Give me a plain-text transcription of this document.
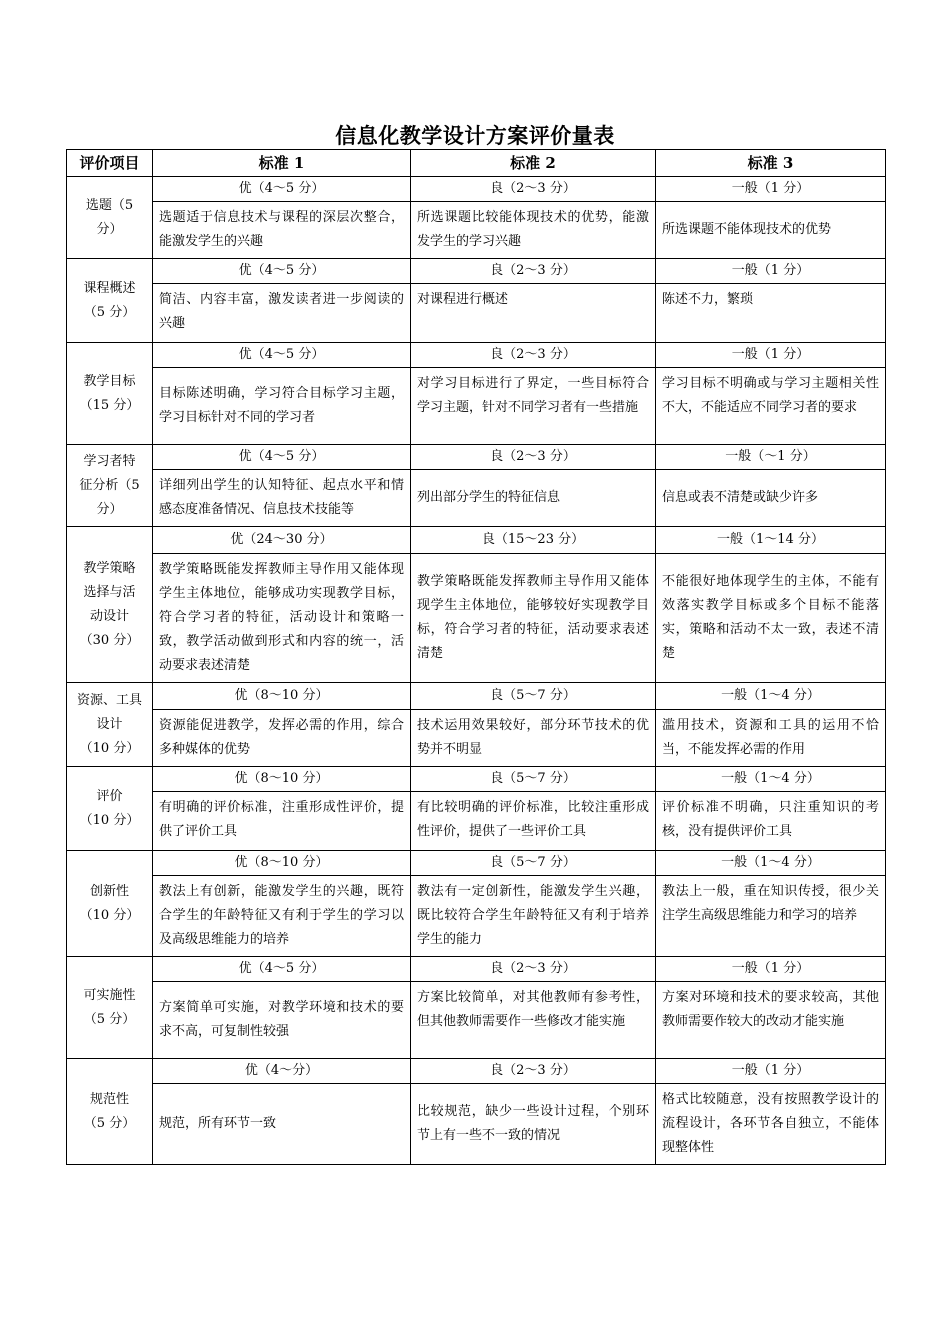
信息化教学设计方案评价量表
评价项目	标准 1	标准 2	标准 3

选题（5
分）	优（4～5 分）	良（2～3 分）	一般（1 分）
	选题适于信息技术与课程的深层次整合，能激发学生的兴趣	所选课题比较能体现技术的优势，能激发学生的学习兴趣	所选课题不能体现技术的优势

课程概述
（5 分）	优（4～5 分）	良（2～3 分）	一般（1 分）
	简洁、内容丰富，激发读者进一步阅读的兴趣	对课程进行概述	陈述不力，繁琐

教学目标
（15 分）	优（4～5 分）	良（2～3 分）	一般（1 分）
	目标陈述明确，学习符合目标学习主题，学习目标针对不同的学习者	对学习目标进行了界定，一些目标符合学习主题，针对不同学习者有一些措施	学习目标不明确或与学习主题相关性不大，不能适应不同学习者的要求

学习者特
征分析（5
分）	优（4～5 分）	良（2～3 分）	一般（～1 分）
	详细列出学生的认知特征、起点水平和情感态度准备情况、信息技术技能等	列出部分学生的特征信息	信息或表不清楚或缺少许多

教学策略
选择与活
动设计
（30 分）	优（24～30 分）	良（15～23 分）	一般（1～14 分）
	教学策略既能发挥教师主导作用又能体现学生主体地位，能够成功实现教学目标，符合学习者的特征，活动设计和策略一致，教学活动做到形式和内容的统一，活动要求表述清楚	教学策略既能发挥教师主导作用又能体现学生主体地位，能够较好实现教学目标，符合学习者的特征，活动要求表述清楚	不能很好地体现学生的主体，不能有效落实教学目标或多个目标不能落实，策略和活动不太一致，表述不清楚

资源、工具
设计
（10 分）	优（8～10 分）	良（5～7 分）	一般（1～4 分）
	资源能促进教学，发挥必需的作用，综合多种媒体的优势	技术运用效果较好，部分环节技术的优势并不明显	滥用技术，资源和工具的运用不恰当，不能发挥必需的作用

评价
（10 分）	优（8～10 分）	良（5～7 分）	一般（1～4 分）
	有明确的评价标准，注重形成性评价，提供了评价工具	有比较明确的评价标准，比较注重形成性评价，提供了一些评价工具	评价标准不明确，只注重知识的考核，没有提供评价工具

创新性
（10 分）	优（8～10 分）	良（5～7 分）	一般（1～4 分）
	教法上有创新，能激发学生的兴趣，既符合学生的年龄特征又有利于学生的学习以及高级思维能力的培养	教法有一定创新性，能激发学生兴趣，既比较符合学生年龄特征又有利于培养学生的能力	教法上一般，重在知识传授，很少关注学生高级思维能力和学习的培养

可实施性
（5 分）	优（4～5 分）	良（2～3 分）	一般（1 分）
	方案简单可实施，对教学环境和技术的要求不高，可复制性较强	方案比较简单，对其他教师有参考性，但其他教师需要作一些修改才能实施	方案对环境和技术的要求较高，其他教师需要作较大的改动才能实施

规范性
（5 分）	优（4～分）	良（2～3 分）	一般（1 分）
	规范，所有环节一致	比较规范，缺少一些设计过程，个别环节上有一些不一致的情况	格式比较随意，没有按照教学设计的流程设计，各环节各自独立，不能体现整体性
